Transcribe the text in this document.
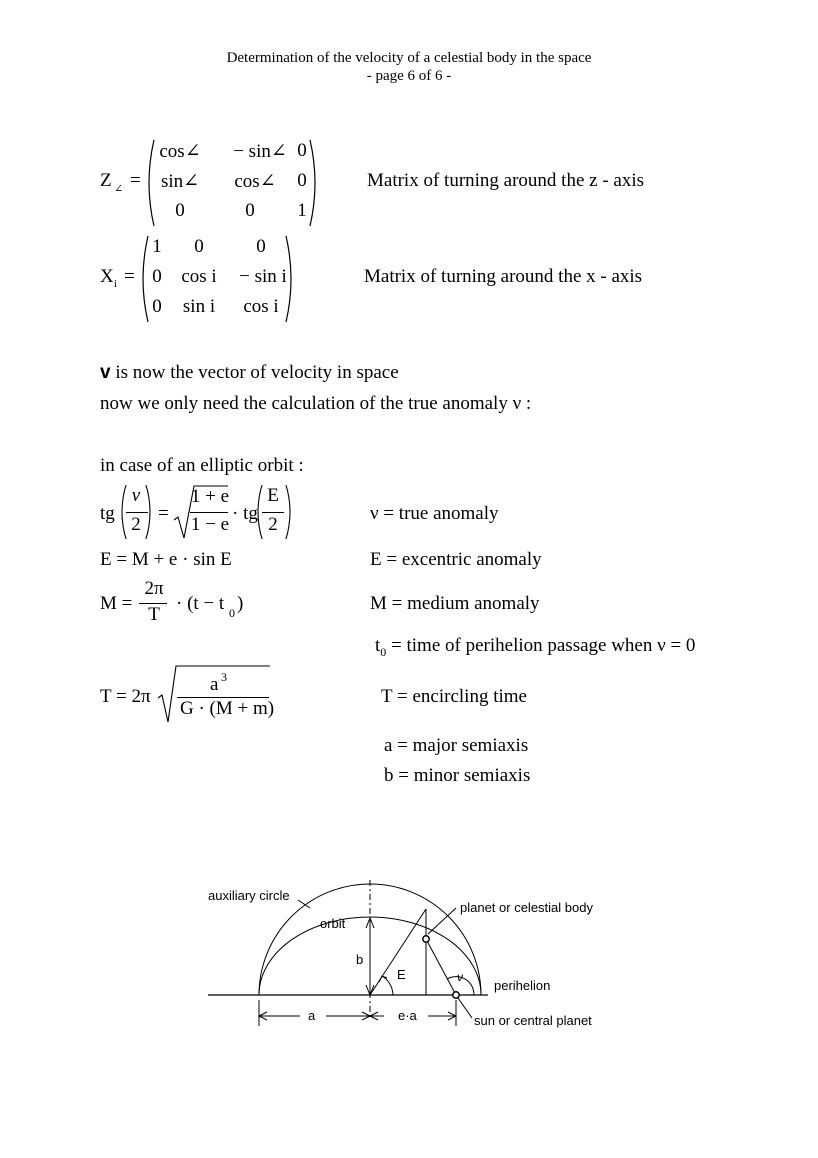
Determination of the velocity of a celestial body in the space
- page 6 of 6 -
Z ∠ =
cos∠	− sin∠ 0
sin∠	cos∠	0
0	0	1
Matrix of turning around the z - axis
X i =
1	0	0
0	cos i	− sin i
0	sin i	cos i
Matrix of turning around the x - axis
v is now the vector of velocity in space
now we only need the calculation of the true anomaly ν :
in case of an elliptic orbit :
tg
ν
2
=
1 + e
1 − e
· tg
E
2
E = M + e · sin E
M =
2π
T
· (t − t 0 )
T = 2π
a 3
G · (M + m)
ν = true anomaly
E = excentric anomaly
M = medium anomaly
$t_0$ = time of perihelion passage when ν = 0
T = encircling time
a = major semiaxis
b = minor semiaxis
auxiliary circle
orbit
planet or celestial body
perihelion
sun or central planet
b
E	ν
a	e·a
